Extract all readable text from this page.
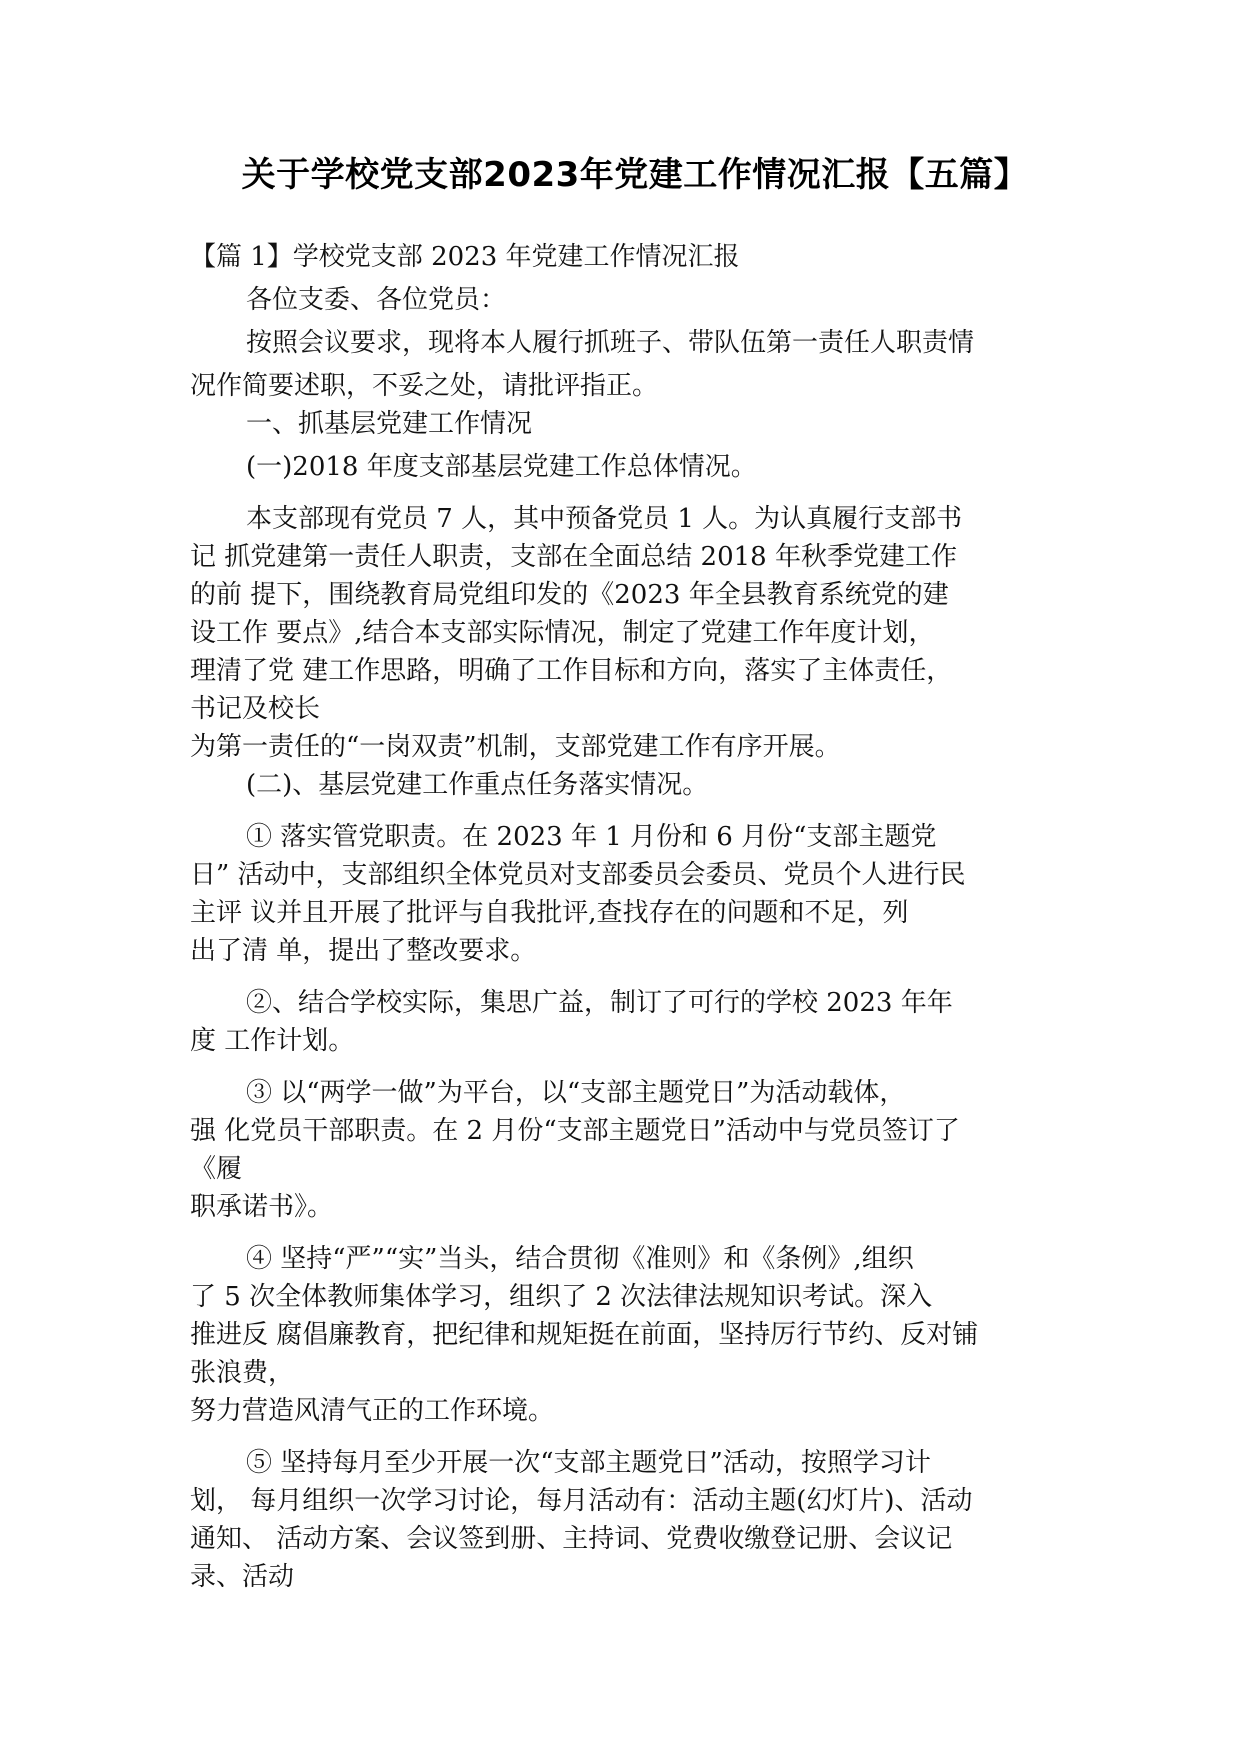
关于学校党支部2023年党建工作情况汇报【五篇】
【篇 1】学校党支部 2023 年党建工作情况汇报
各位支委、各位党员：
按照会议要求，现将本人履行抓班子、带队伍第一责任人职责情
况作简要述职，不妥之处，请批评指正。
一、抓基层党建工作情况
(一)2018 年度支部基层党建工作总体情况。
本支部现有党员 7 人，其中预备党员 1 人。为认真履行支部书
记 抓党建第一责任人职责，支部在全面总结 2018 年秋季党建工作
的前 提下，围绕教育局党组印发的《2023 年全县教育系统党的建
设工作 要点》,结合本支部实际情况，制定了党建工作年度计划，
理清了党 建工作思路，明确了工作目标和方向，落实了主体责任，
书记及校长
为第一责任的“一岗双责”机制，支部党建工作有序开展。
(二)、基层党建工作重点任务落实情况。
① 落实管党职责。在 2023 年 1 月份和 6 月份“支部主题党
日” 活动中，支部组织全体党员对支部委员会委员、党员个人进行民
主评 议并且开展了批评与自我批评,查找存在的问题和不足，列
出了清 单，提出了整改要求。
②、结合学校实际，集思广益，制订了可行的学校 2023 年年
度 工作计划。
③ 以“两学一做”为平台，以“支部主题党日”为活动载体，
强 化党员干部职责。在 2 月份“支部主题党日”活动中与党员签订了
《履
职承诺书》。
④ 坚持“严”“实”当头，结合贯彻《准则》和《条例》,组织
了 5 次全体教师集体学习，组织了 2 次法律法规知识考试。深入
推进反 腐倡廉教育，把纪律和规矩挺在前面，坚持厉行节约、反对铺
张浪费，
努力营造风清气正的工作环境。
⑤ 坚持每月至少开展一次“支部主题党日”活动，按照学习计
划， 每月组织一次学习讨论，每月活动有：活动主题(幻灯片)、活动
通知、 活动方案、会议签到册、主持词、党费收缴登记册、会议记
录、活动
